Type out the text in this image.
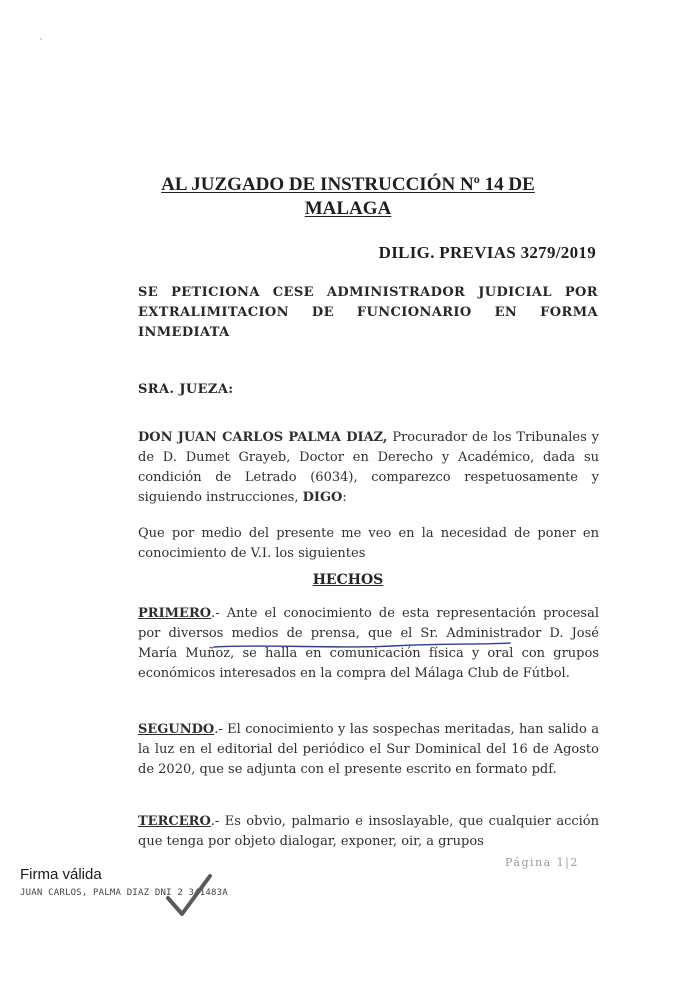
AL JUZGADO DE INSTRUCCIÓN Nº 14 DE
MALAGA
DILIG. PREVIAS 3279/2019
SE PETICIONA CESE ADMINISTRADOR JUDICIAL POR EXTRALIMITACION DE FUNCIONARIO EN FORMA INMEDIATA
SRA. JUEZA:
DON JUAN CARLOS PALMA DIAZ, Procurador de los Tribunales y de D. Dumet Grayeb, Doctor en Derecho y Académico, dada su condición de Letrado (6034), comparezco respetuosamente y siguiendo instrucciones, DIGO:
Que por medio del presente me veo en la necesidad de poner en conocimiento de V.I. los siguientes
HECHOS
PRIMERO.- Ante el conocimiento de esta representación procesal por diversos medios de prensa, que el Sr. Administrador D. José María Muñoz, se halla en comunicación física y oral con grupos económicos interesados en la compra del Málaga Club de Fútbol.
SEGUNDO.- El conocimiento y las sospechas meritadas, han salido a la luz en el editorial del periódico el Sur Dominical del 16 de Agosto de 2020, que se adjunta con el presente escrito en formato pdf.
TERCERO.- Es obvio, palmario e insoslayable, que cualquier acción que tenga por objeto dialogar, exponer, oir, a grupos
Página 1|2
Firma válida
JUAN CARLOS, PALMA DIAZ DNI 2 341483A
